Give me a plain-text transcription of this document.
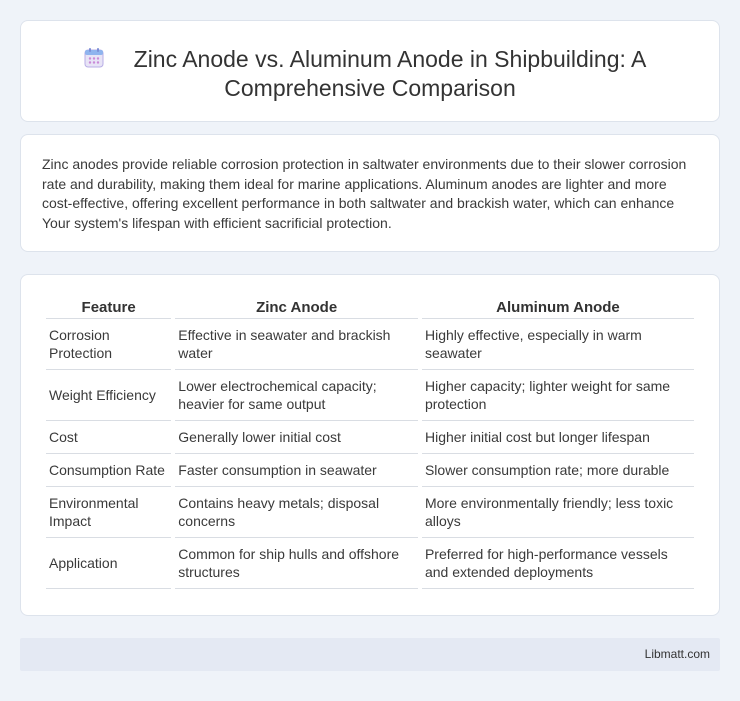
Zinc Anode vs. Aluminum Anode in Shipbuilding: A
Comprehensive Comparison

Zinc anodes provide reliable corrosion protection in saltwater environments due to their slower corrosion rate and durability, making them ideal for marine applications. Aluminum anodes are lighter and more cost-effective, offering excellent performance in both saltwater and brackish water, which can enhance Your system's lifespan with efficient sacrificial protection.

Feature	Zinc Anode	Aluminum Anode
Corrosion Protection	Effective in seawater and brackish water	Highly effective, especially in warm seawater
Weight Efficiency	Lower electrochemical capacity; heavier for same output	Higher capacity; lighter weight for same protection
Cost	Generally lower initial cost	Higher initial cost but longer lifespan
Consumption Rate	Faster consumption in seawater	Slower consumption rate; more durable
Environmental Impact	Contains heavy metals; disposal concerns	More environmentally friendly; less toxic alloys
Application	Common for ship hulls and offshore structures	Preferred for high-performance vessels and extended deployments
Libmatt.com
